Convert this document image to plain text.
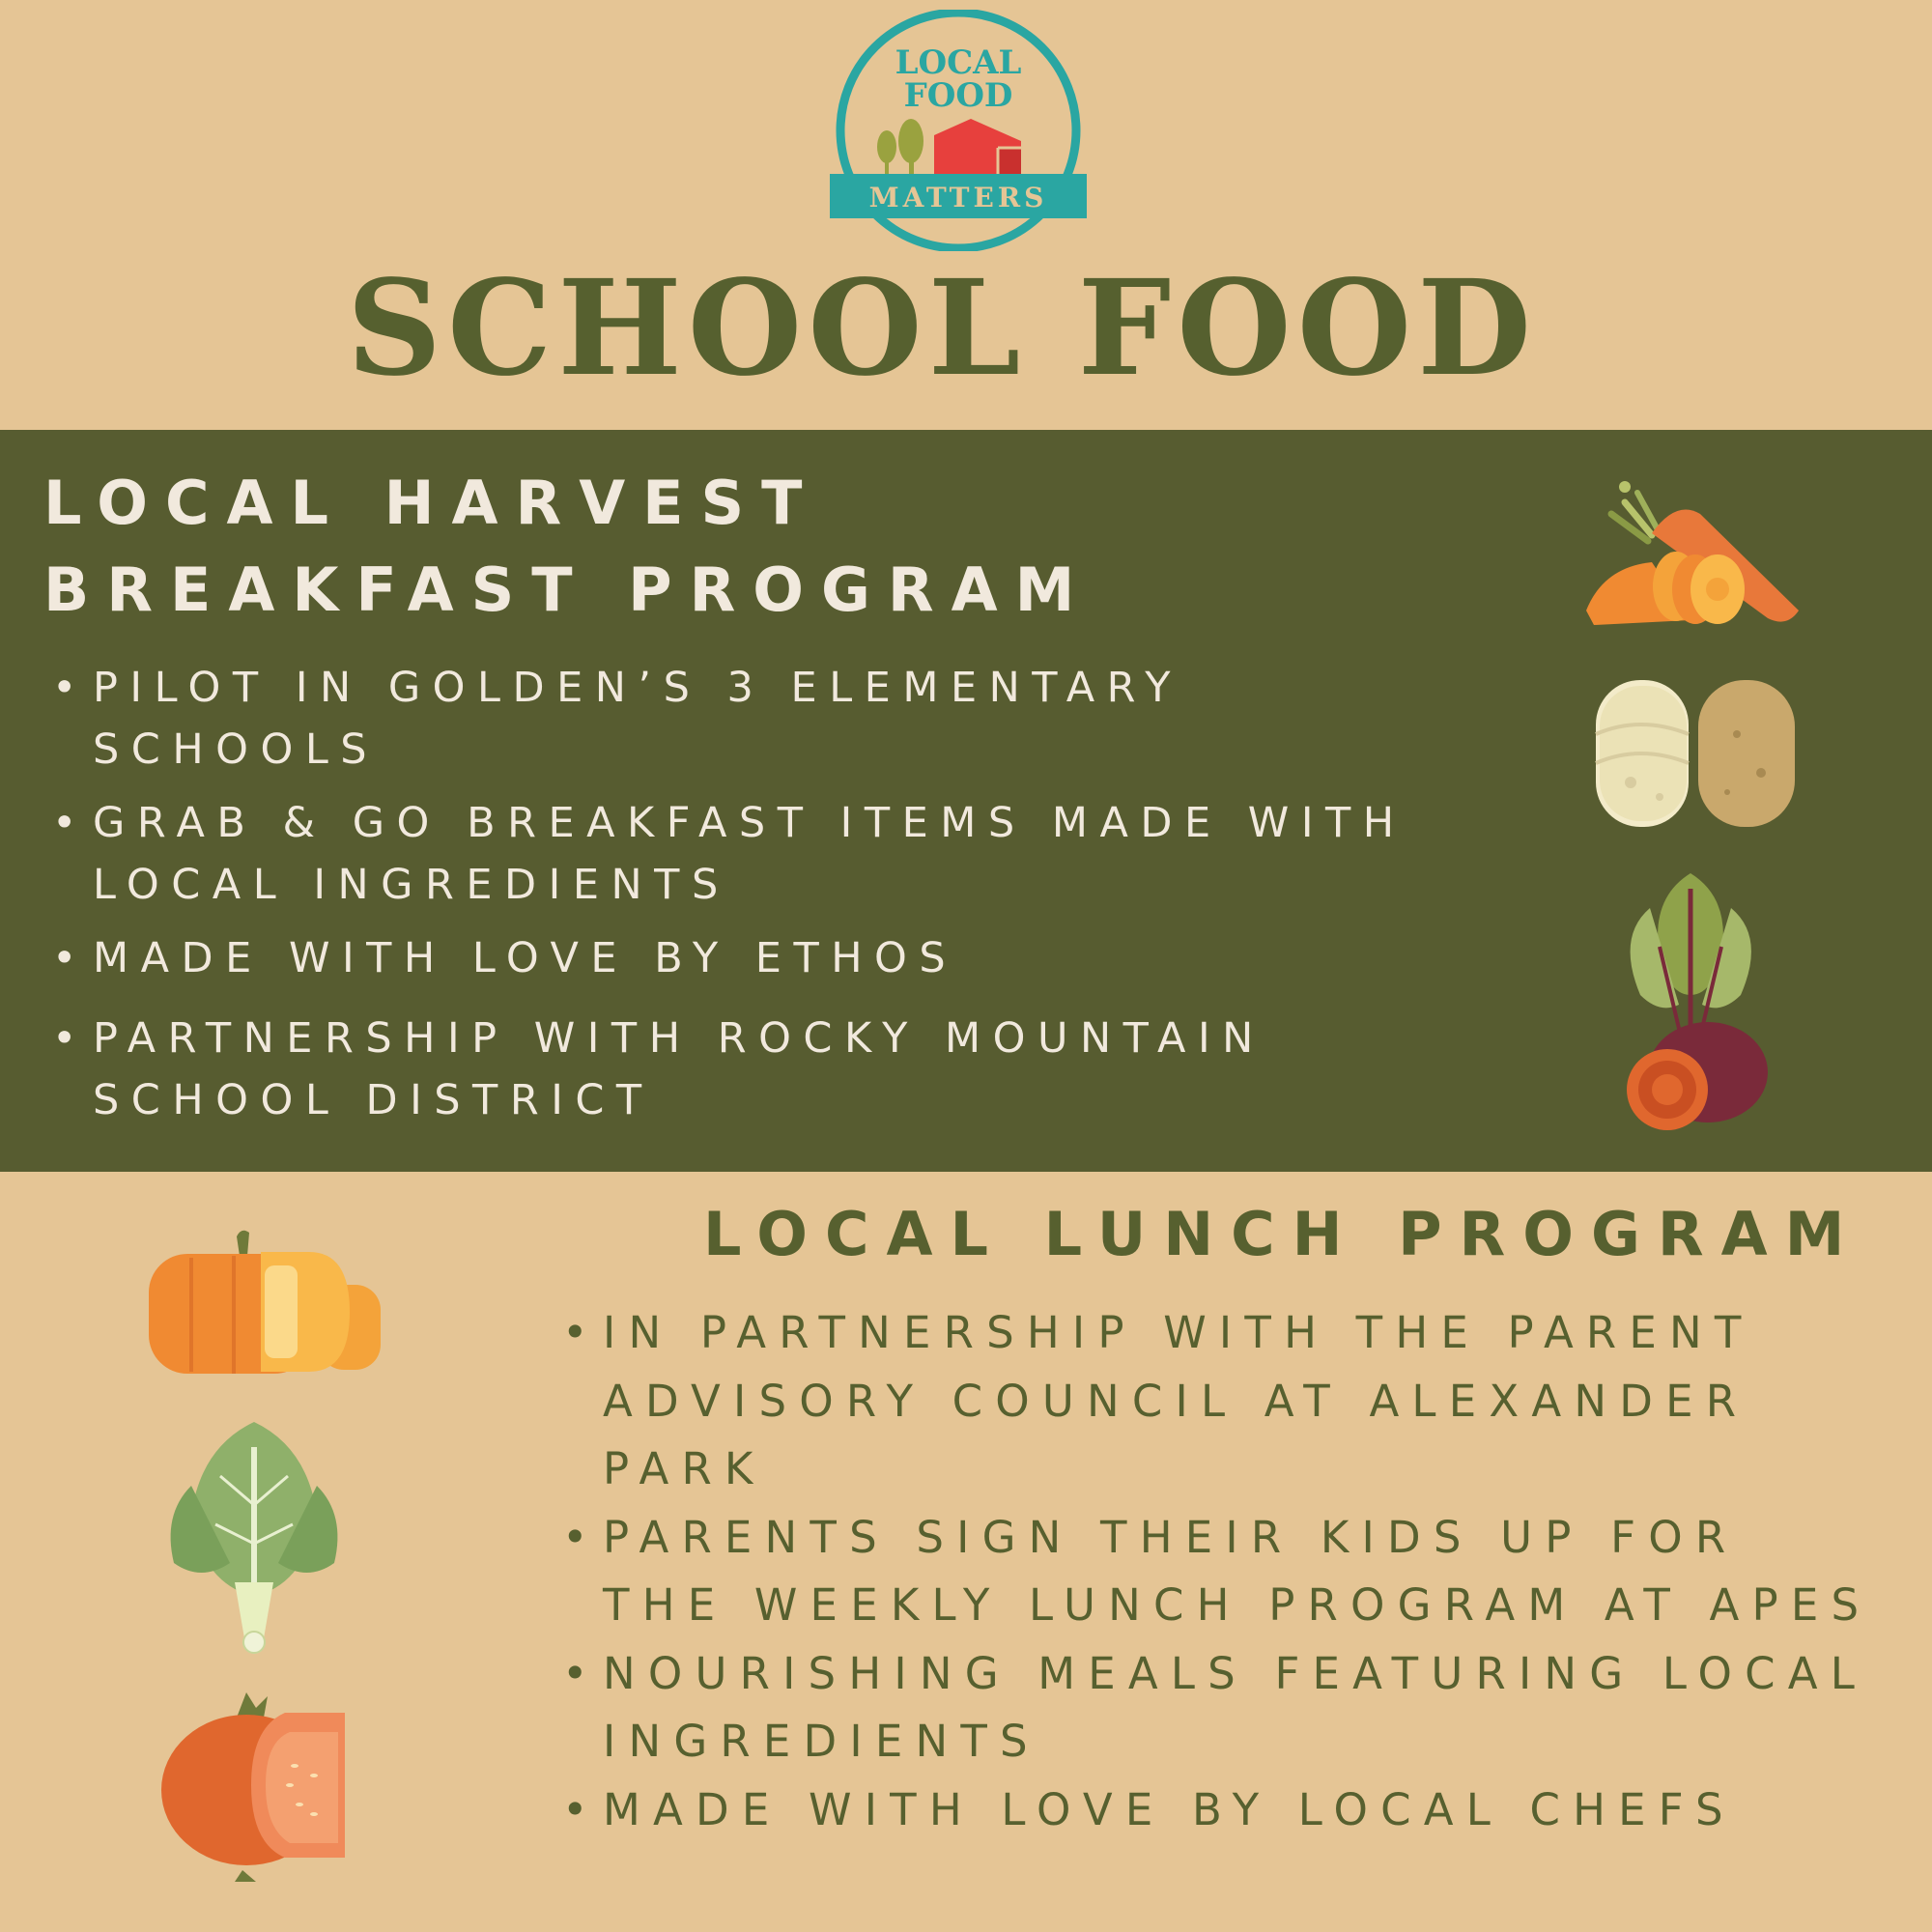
LOCAL
FOOD
MATTERS
SCHOOL FOOD
LOCAL HARVEST
BREAKFAST PROGRAM
• PILOT IN GOLDEN’S 3 ELEMENTARY SCHOOLS
• GRAB & GO BREAKFAST ITEMS MADE WITH LOCAL INGREDIENTS
• MADE WITH LOVE BY ETHOS
• PARTNERSHIP WITH ROCKY MOUNTAIN SCHOOL DISTRICT
LOCAL LUNCH PROGRAM
• IN PARTNERSHIP WITH THE PARENT ADVISORY COUNCIL AT ALEXANDER PARK
• PARENTS SIGN THEIR KIDS UP FOR THE WEEKLY LUNCH PROGRAM AT APES
• NOURISHING MEALS FEATURING LOCAL INGREDIENTS
• MADE WITH LOVE BY LOCAL CHEFS
